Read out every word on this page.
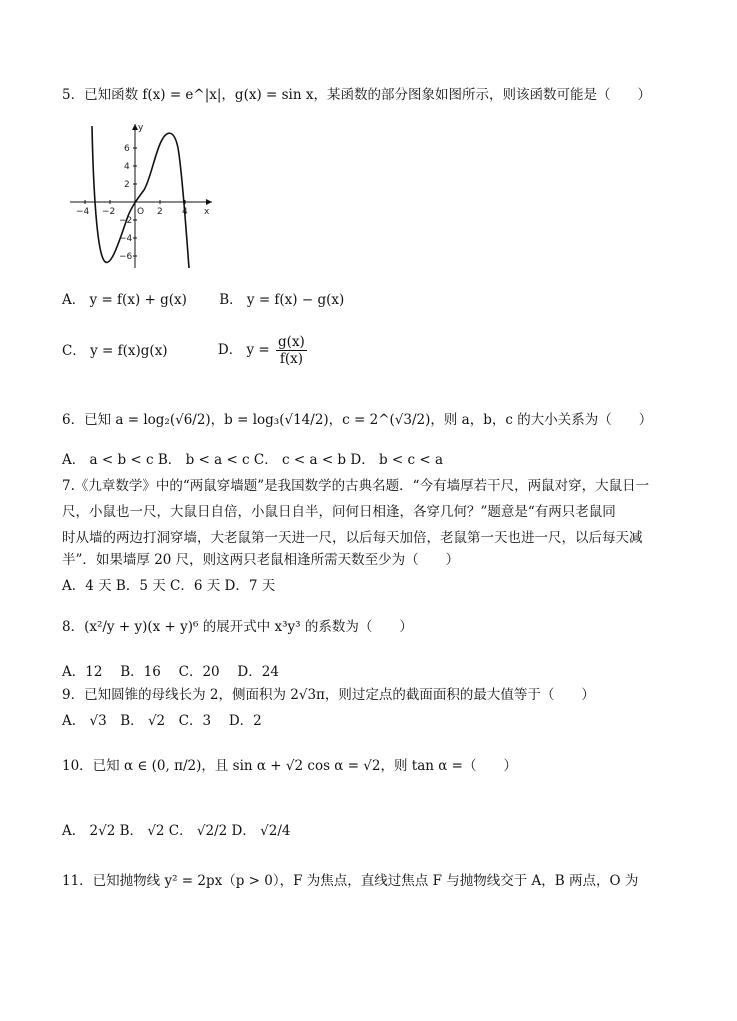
5．已知函数 f(x) = e^|x|，g(x) = sin x，某函数的部分图象如图所示，则该函数可能是（　　）
y
x
−4 −2 O 2 4
6
4
2
−2
−4
−6
A． y = f(x) + g(x) B． y = f(x) − g(x)
C． y = f(x)g(x)	D． $y = \frac{g(x)}{f(x)}$
6．已知 a = log₂(√6/2)，b = log₃(√14/2)，c = 2^(√3/2)，则 a，b，c 的大小关系为（　　）
A． a < b < c B． b < a < c C． c < a < b D． b < c < a
7.《九章数学》中的“两鼠穿墙题”是我国数学的古典名题．“今有墙厚若干尺，两鼠对穿，大鼠日一
尺，小鼠也一尺，大鼠日自倍，小鼠日自半，问何日相逢，各穿几何？”题意是“有两只老鼠同
时从墙的两边打洞穿墙，大老鼠第一天进一尺，以后每天加倍，老鼠第一天也进一尺，以后每天减
半”．如果墙厚 20 尺，则这两只老鼠相逢所需天数至少为（　　）
A．4 天 B．5 天 C．6 天 D．7 天
8．(x²/y + y)(x + y)⁶ 的展开式中 x³y³ 的系数为（　　）
A．12　 B．16　 C．20　 D．24
9．已知圆锥的母线长为 2，侧面积为 2√3π，则过定点的截面面积的最大值等于（　　）
A． √3　B． √2　C．3　 D．2
10．已知 α ∈ (0, π/2)，且 sin α + √2 cos α = √2，则 tan α =（　　）
A． 2√2 B． √2 C． √2/2 D． √2/4
11．已知抛物线 y² = 2px（p > 0），F 为焦点，直线过焦点 F 与抛物线交于 A，B 两点，O 为
